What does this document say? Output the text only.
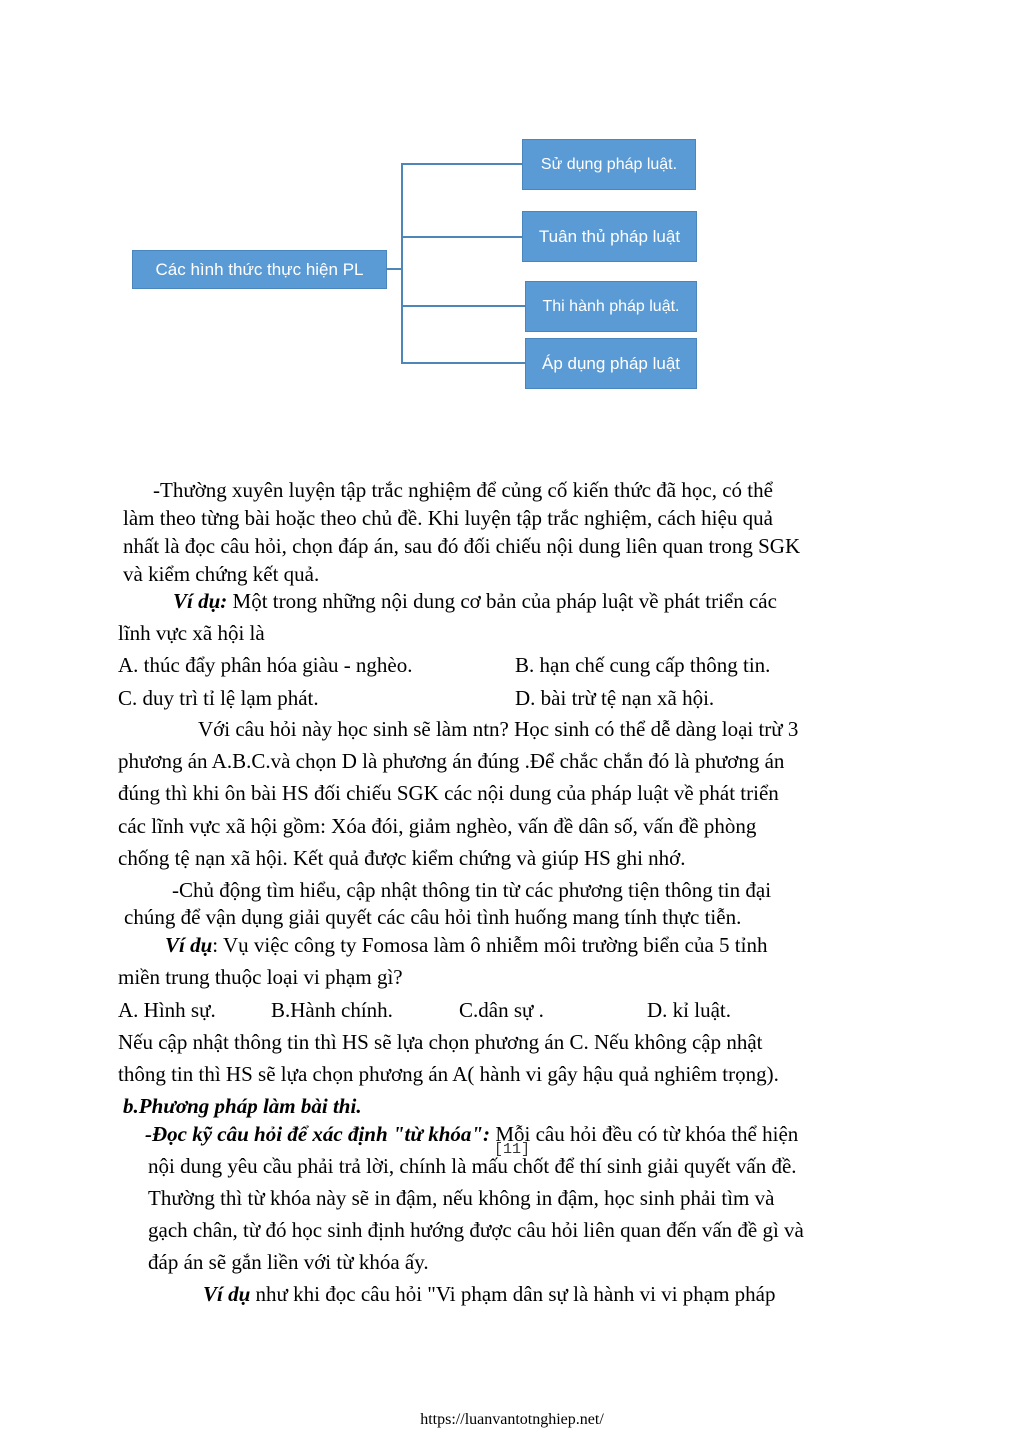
Các hình thức thực hiện PL
Sử dụng pháp luật.
Tuân thủ pháp luật
Thi hành pháp luật.
Áp dụng pháp luật
-Thường xuyên luyện tập trắc nghiệm để củng cố kiến thức đã học, có thể
làm theo từng bài hoặc theo chủ đề. Khi luyện tập trắc nghiệm, cách hiệu quả
nhất là đọc câu hỏi, chọn đáp án, sau đó đối chiếu nội dung liên quan trong SGK
và kiểm chứng kết quả.
Ví dụ: Một trong những nội dung cơ bản của pháp luật về phát triển các
lĩnh vực xã hội là
A. thúc đẩy phân hóa giàu - nghèo.	B. hạn chế cung cấp thông tin.
C. duy trì tỉ lệ lạm phát.	D. bài trừ tệ nạn xã hội.
Với câu hỏi này học sinh sẽ làm ntn? Học sinh có thể dễ dàng loại trừ 3
phương án A.B.C.và chọn D là phương án đúng .Để chắc chắn đó là phương án
đúng thì khi ôn bài HS đối chiếu SGK các nội dung của pháp luật về phát triển
các lĩnh vực xã hội gồm: Xóa đói, giảm nghèo, vấn đề dân số, vấn đề phòng
chống tệ nạn xã hội. Kết quả được kiểm chứng và giúp HS ghi nhớ.
-Chủ động tìm hiểu, cập nhật thông tin từ các phương tiện thông tin đại
chúng để vận dụng giải quyết các câu hỏi tình huống mang tính thực tiễn.
Ví dụ: Vụ việc công ty Fomosa làm ô nhiễm môi trường biển của 5 tỉnh
miền trung thuộc loại vi phạm gì?
A. Hình sự.	B.Hành chính.	C.dân sự .	D. kỉ luật.
Nếu cập nhật thông tin thì HS sẽ lựa chọn phương án C. Nếu không cập nhật
thông tin thì HS sẽ lựa chọn phương án A( hành vi gây hậu quả nghiêm trọng).
b.Phương pháp làm bài thi.
-Đọc kỹ câu hỏi để xác định "từ khóa": Mỗi câu hỏi đều có từ khóa thể hiện
nội dung yêu cầu phải trả lời, chính là mấu chốt để thí sinh giải quyết vấn đề.
Thường thì từ khóa này sẽ in đậm, nếu không in đậm, học sinh phải tìm và
gạch chân, từ đó học sinh định hướng được câu hỏi liên quan đến vấn đề gì và
đáp án sẽ gắn liền với từ khóa ấy.
Ví dụ như khi đọc câu hỏi "Vi phạm dân sự là hành vi vi phạm pháp
[11]
https://luanvantotnghiep.net/
